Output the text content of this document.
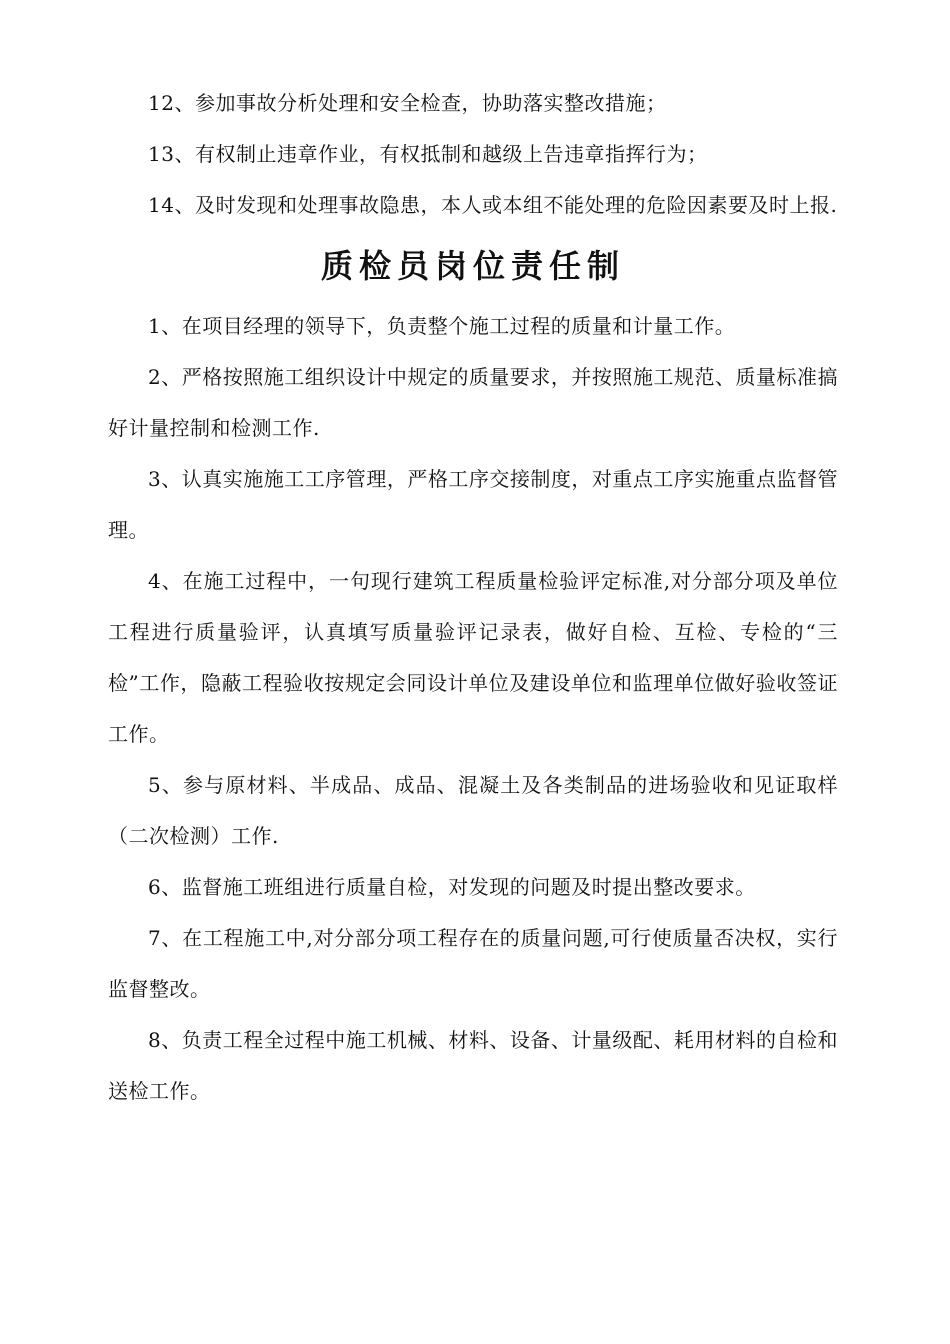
12、参加事故分析处理和安全检查，协助落实整改措施；

13、有权制止违章作业，有权抵制和越级上告违章指挥行为；

14、及时发现和处理事故隐患，本人或本组不能处理的危险因素要及时上报.

质检员岗位责任制

1、在项目经理的领导下，负责整个施工过程的质量和计量工作。

2、严格按照施工组织设计中规定的质量要求，并按照施工规范、质量标准搞好计量控制和检测工作.

3、认真实施施工工序管理，严格工序交接制度，对重点工序实施重点监督管理。

4、在施工过程中，一句现行建筑工程质量检验评定标准,对分部分项及单位工程进行质量验评，认真填写质量验评记录表，做好自检、互检、专检的“三检”工作，隐蔽工程验收按规定会同设计单位及建设单位和监理单位做好验收签证工作。

5、参与原材料、半成品、成品、混凝土及各类制品的进场验收和见证取样（二次检测）工作.

6、监督施工班组进行质量自检，对发现的问题及时提出整改要求。

7、在工程施工中,对分部分项工程存在的质量问题,可行使质量否决权，实行监督整改。

8、负责工程全过程中施工机械、材料、设备、计量级配、耗用材料的自检和送检工作。
